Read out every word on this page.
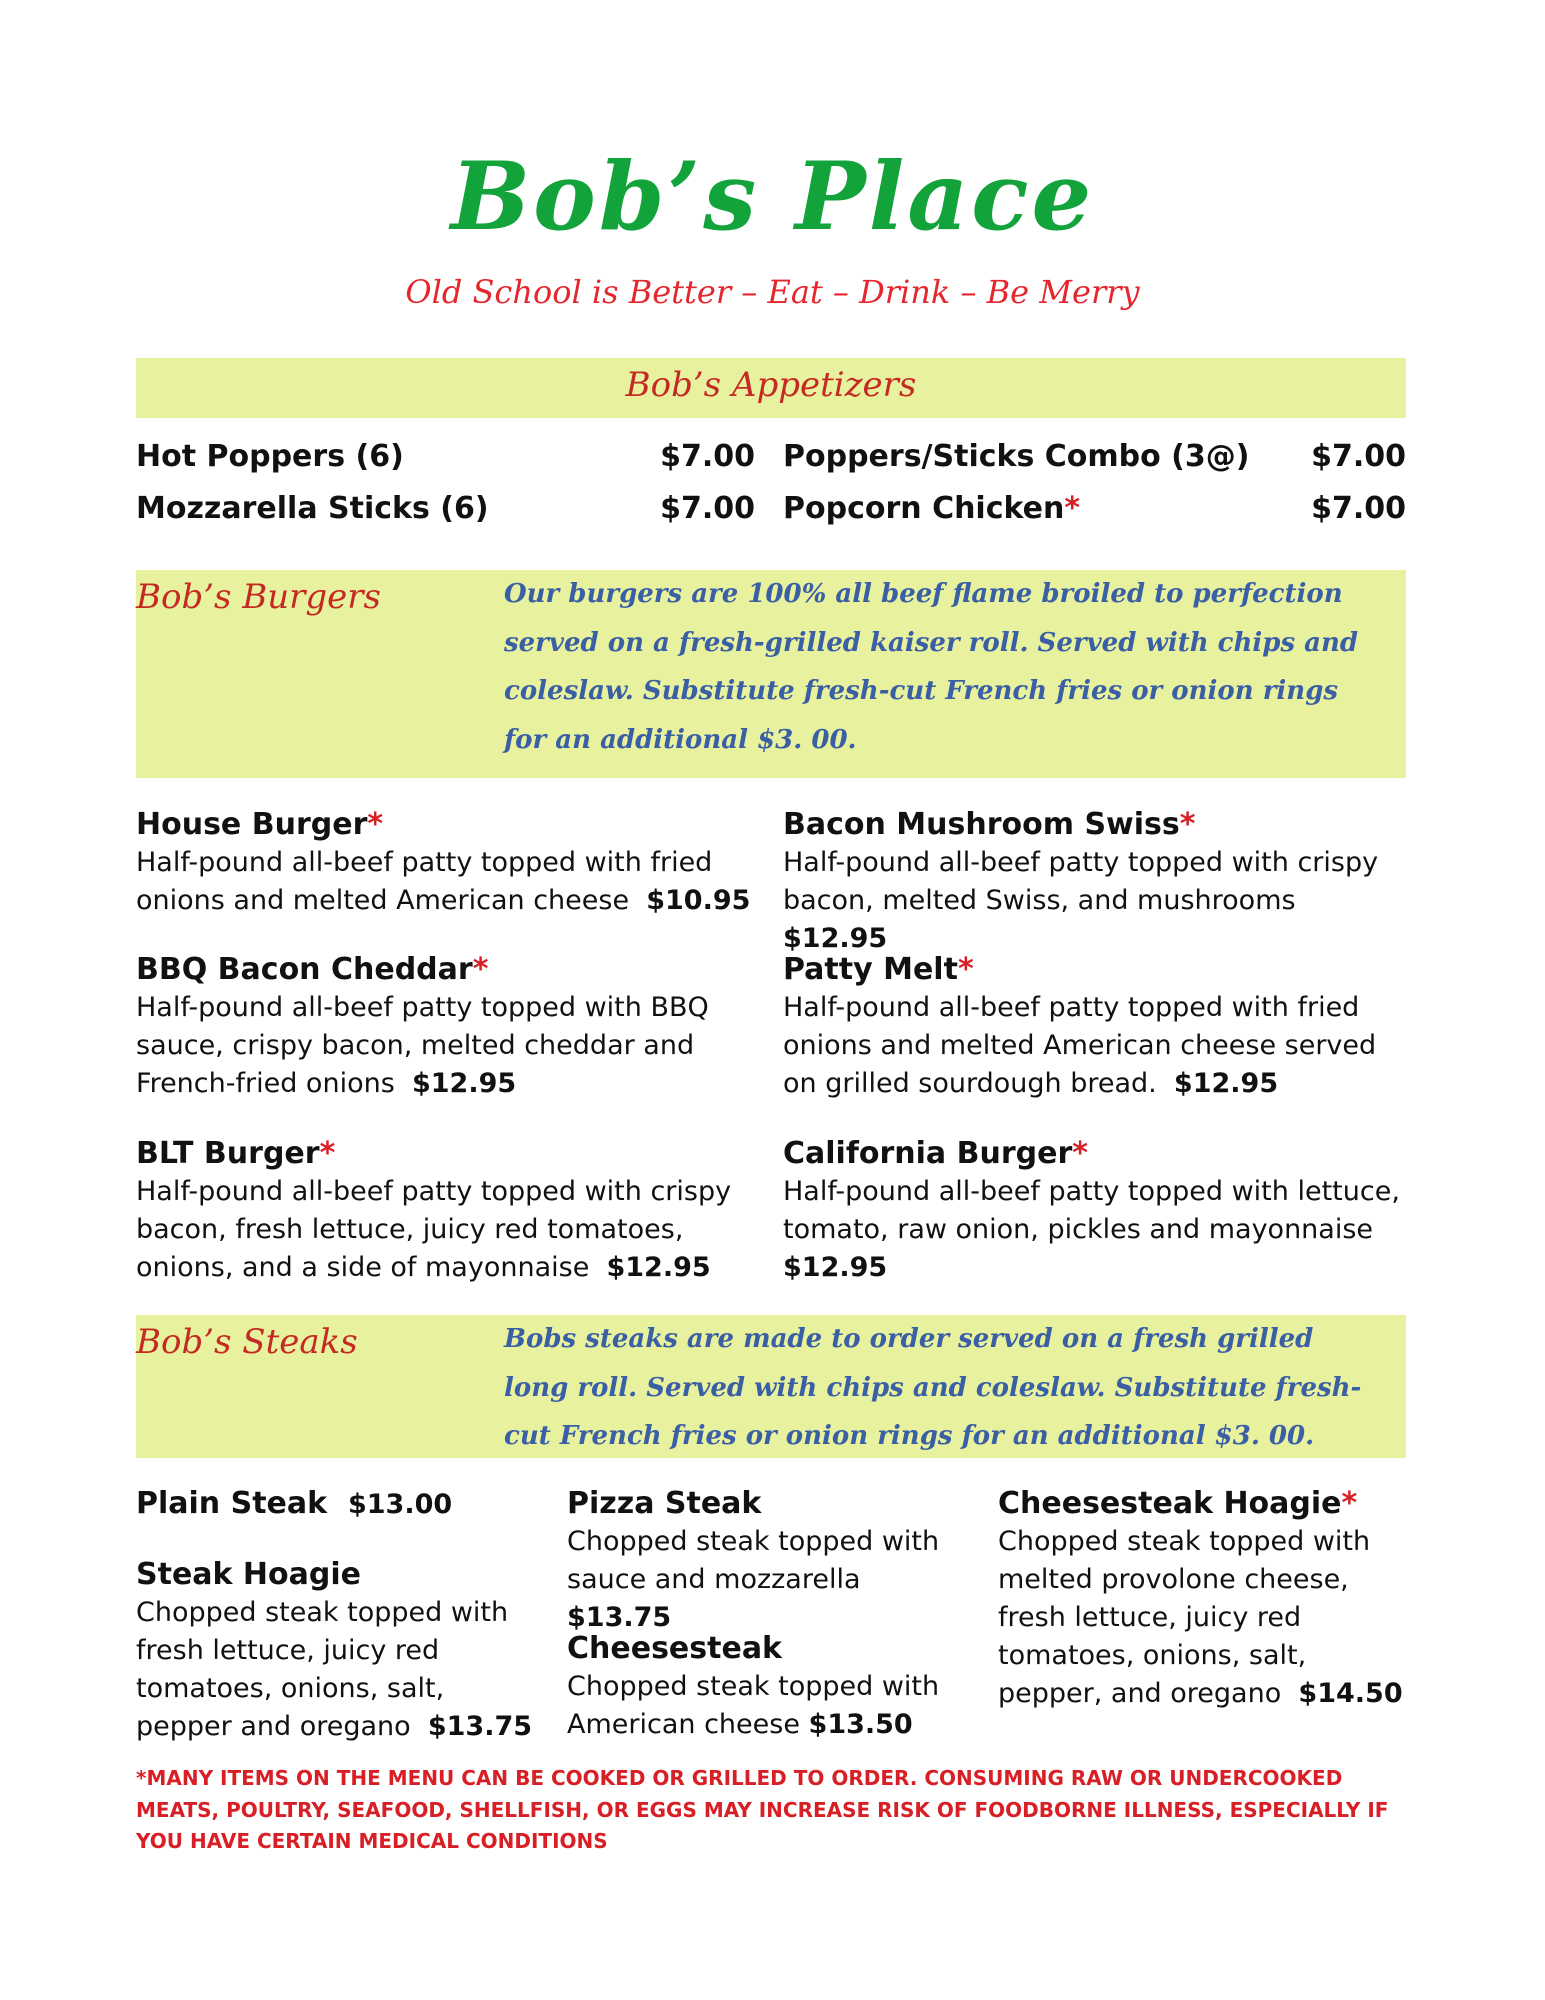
Bob’s Place
Old School is Better – Eat – Drink – Be Merry
Bob’s Appetizers
Hot Poppers (6)	$7.00
Mozzarella Sticks (6)	$7.00
Poppers/Sticks Combo (3@)	$7.00
Popcorn Chicken*	$7.00
Bob’s Burgers	Our burgers are 100% all beef flame broiled to perfection served on a fresh-grilled kaiser roll. Served with chips and coleslaw. Substitute fresh-cut French fries or onion rings for an additional $3. 00.
House Burger*
Half-pound all-beef patty topped with fried onions and melted American cheese $10.95
BBQ Bacon Cheddar*
Half-pound all-beef patty topped with BBQ sauce, crispy bacon, melted cheddar and French-fried onions $12.95
BLT Burger*
Half-pound all-beef patty topped with crispy bacon, fresh lettuce, juicy red tomatoes, onions, and a side of mayonnaise $12.95
Bacon Mushroom Swiss*
Half-pound all-beef patty topped with crispy bacon, melted Swiss, and mushrooms  $12.95
Patty Melt*
Half-pound all-beef patty topped with fried onions and melted American cheese served on grilled sourdough bread. $12.95
California Burger*
Half-pound all-beef patty topped with lettuce, tomato, raw onion, pickles and mayonnaise  $12.95
Bob’s Steaks	Bobs steaks are made to order served on a fresh grilled long roll. Served with chips and coleslaw. Substitute fresh-cut French fries or onion rings for an additional $3. 00.
Plain Steak $13.00
Steak Hoagie
Chopped steak topped with fresh lettuce, juicy red tomatoes, onions, salt, pepper and oregano $13.75
Pizza Steak
Chopped steak topped with sauce and mozzarella  $13.75
Cheesesteak
Chopped steak topped with American cheese $13.50
Cheesesteak Hoagie*
Chopped steak topped with melted provolone cheese, fresh lettuce, juicy red tomatoes, onions, salt, pepper, and oregano $14.50
*MANY ITEMS ON THE MENU CAN BE COOKED OR GRILLED TO ORDER. CONSUMING RAW OR UNDERCOOKED MEATS, POULTRY, SEAFOOD, SHELLFISH, OR EGGS MAY INCREASE RISK OF FOODBORNE ILLNESS, ESPECIALLY IF YOU HAVE CERTAIN MEDICAL CONDITIONS
